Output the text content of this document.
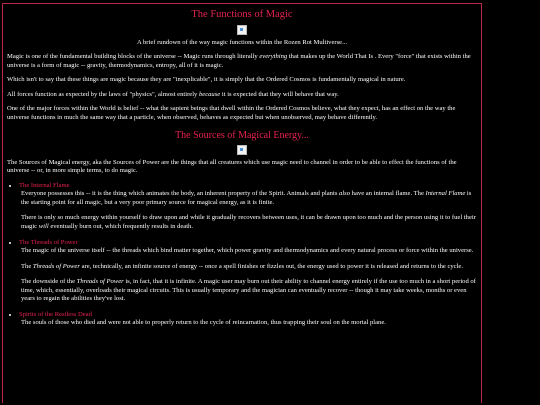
The Functions of Magic

A brief rundown of the way magic functions within the Rozen Rot Multiverse...

Magic is one of the fundamental building blocks of the universe -- Magic runs through literally everything that makes up the World That Is . Every "force" that exists within the universe is a form of magic -- gravity, thermodynamics, entropy, all of it is magic.

Which isn't to say that these things are magic because they are "inexplicable", it is simply that the Ordered Cosmos is fundamentally magical in nature.

All forces function as expected by the laws of "physics", almost entirely because it is expected that they will behave that way.

One of the major forces within the World is belief -- what the sapient beings that dwell within the Ordered Cosmos believe, what they expect, has an effect on the way the universe functions in much the same way that a particle, when observed, behaves as expected but when unobserved, may behave differently.

The Sources of Magical Energy...

The Sources of Magical energy, aka the Sources of Power are the things that all creatures which use magic need to channel in order to be able to effect the functions of the universe -- or, in more simple terms, to do magic.

• The Internal Flame

Everyone possesses this -- it is the thing which animates the body, an inherent property of the Spirit. Animals and plants also have an internal flame. The Internal Flame is the starting point for all magic, but a very poor primary source for magical energy, as it is finite.

There is only so much energy within yourself to draw upon and while it gradually recovers between uses, it can be drawn upon too much and the person using it to fuel their magic will eventually burn out, which frequently results in death.

• The Threads of Power

The magic of the universe itself -- the threads which bind matter together, which power gravity and thermodynamics and every natural process or force within the universe.

The Threads of Power are, technically, an infinite source of energy -- once a spell finishes or fizzles out, the energy used to power it is released and returns to the cycle.

The downside of the Threads of Power is, in fact, that it is infinite. A magic user may burn out their ability to channel energy entirely if the use too much in a short period of time, which, essentially, overloads their magical circuits. This is usually temporary and the magician can eventually recover -- though it may take weeks, months or even years to regain the abilities they've lost.

• Spirits of the Restless Dead

The souls of those who died and were not able to properly return to the cycle of reincarnation, thus trapping their soul on the mortal plane.
